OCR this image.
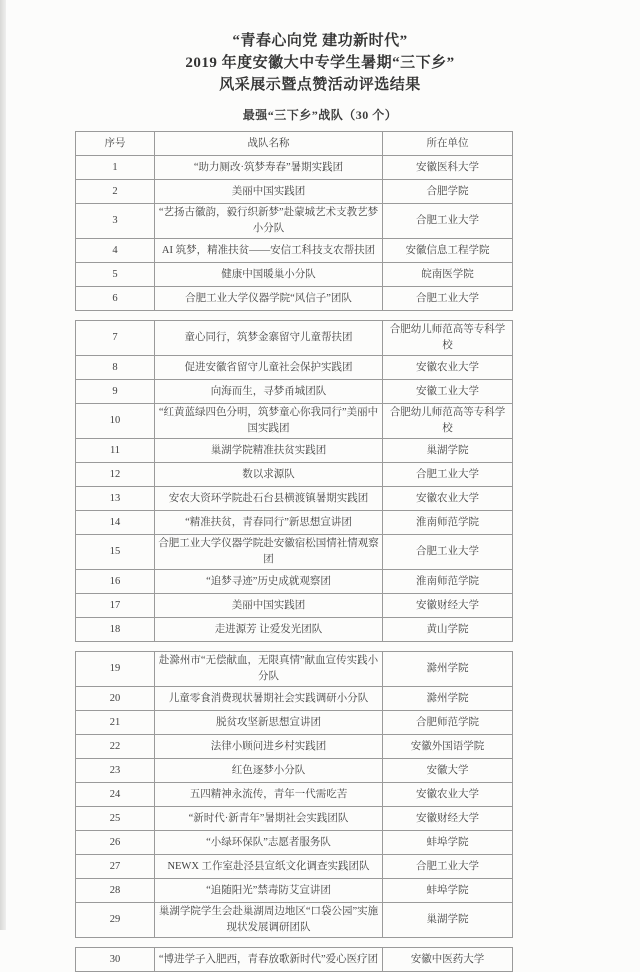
“青春心向党 建功新时代”
2019 年度安徽大中专学生暑期“三下乡”
风采展示暨点赞活动评选结果
最强“三下乡”战队（30 个）
序号	战队名称	所在单位
1	“助力厕改·筑梦寿春”暑期实践团	安徽医科大学
2	美丽中国实践团	合肥学院
3	“艺扬古徽韵，毅行织新梦”赴蒙城艺术支教艺梦小分队	合肥工业大学
4	AI 筑梦，精准扶贫——安信工科技支农帮扶团	安徽信息工程学院
5	健康中国暖巢小分队	皖南医学院
6	合肥工业大学仪器学院“风信子”团队	合肥工业大学
7	童心同行，筑梦金寨留守儿童帮扶团	合肥幼儿师范高等专科学校
8	促进安徽省留守儿童社会保护实践团	安徽农业大学
9	向海而生，寻梦甬城团队	安徽工业大学
10	“红黄蓝绿四色分明，筑梦童心你我同行”美丽中国实践团	合肥幼儿师范高等专科学校
11	巢湖学院精准扶贫实践团	巢湖学院
12	数以求源队	合肥工业大学
13	安农大资环学院赴石台县横渡镇暑期实践团	安徽农业大学
14	“精准扶贫，青春同行”新思想宣讲团	淮南师范学院
15	合肥工业大学仪器学院赴安徽宿松国情社情观察团	合肥工业大学
16	“追梦寻迹”历史成就观察团	淮南师范学院
17	美丽中国实践团	安徽财经大学
18	走进源芳 让爱发光团队	黄山学院
19	赴滁州市“无偿献血，无限真情”献血宣传实践小分队	滁州学院
20	儿童零食消费现状暑期社会实践调研小分队	滁州学院
21	脱贫攻坚新思想宣讲团	合肥师范学院
22	法律小顾问进乡村实践团	安徽外国语学院
23	红色逐梦小分队	安徽大学
24	五四精神永流传，青年一代需吃苦	安徽农业大学
25	“新时代·新青年”暑期社会实践团队	安徽财经大学
26	“小绿环保队”志愿者服务队	蚌埠学院
27	NEWX 工作室赴泾县宣纸文化调查实践团队	合肥工业大学
28	“追随阳光”禁毒防艾宣讲团	蚌埠学院
29	巢湖学院学生会赴巢湖周边地区“口袋公园”实施现状发展调研团队	巢湖学院
30	“博进学子入肥西，青春放歌新时代”爱心医疗团	安徽中医药大学
